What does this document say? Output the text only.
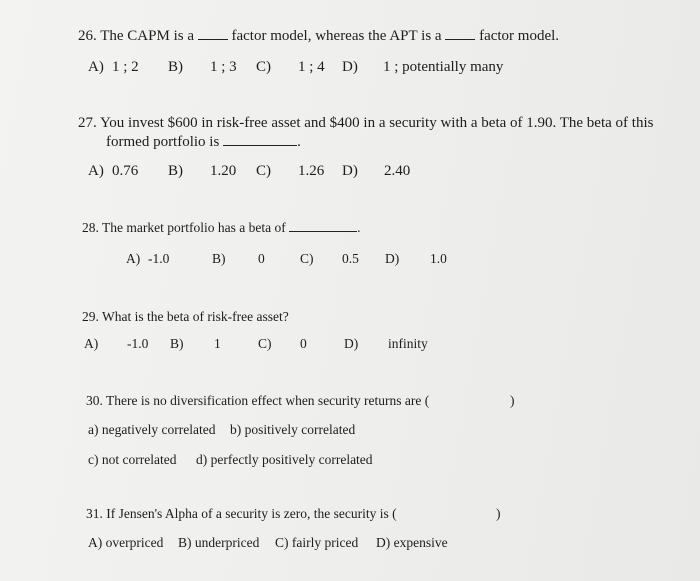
26. The CAPM is a	factor model, whereas the APT is a	factor model.
A) 1 ; 2 B) 1 ; 3 C) 1 ; 4 D) 1 ; potentially many
27. You invest $600 in risk-free asset and $400 in a security with a beta of 1.90. The beta of this
formed portfolio is	.
A) 0.76 B) 1.20 C) 1.26 D) 2.40
28. The market portfolio has a beta of	.
A) -1.0	B) 0	C) 0.5 D) 1.0
29. What is the beta of risk-free asset?
A) -1.0 B) 1	C) 0	D) infinity
30. There is no diversification effect when security returns are (	)
a) negatively correlated b) positively correlated
c) not correlated d) perfectly positively correlated
31. If Jensen's Alpha of a security is zero, the security is (	)
A) overpriced B) underpriced C) fairly priced D) expensive
